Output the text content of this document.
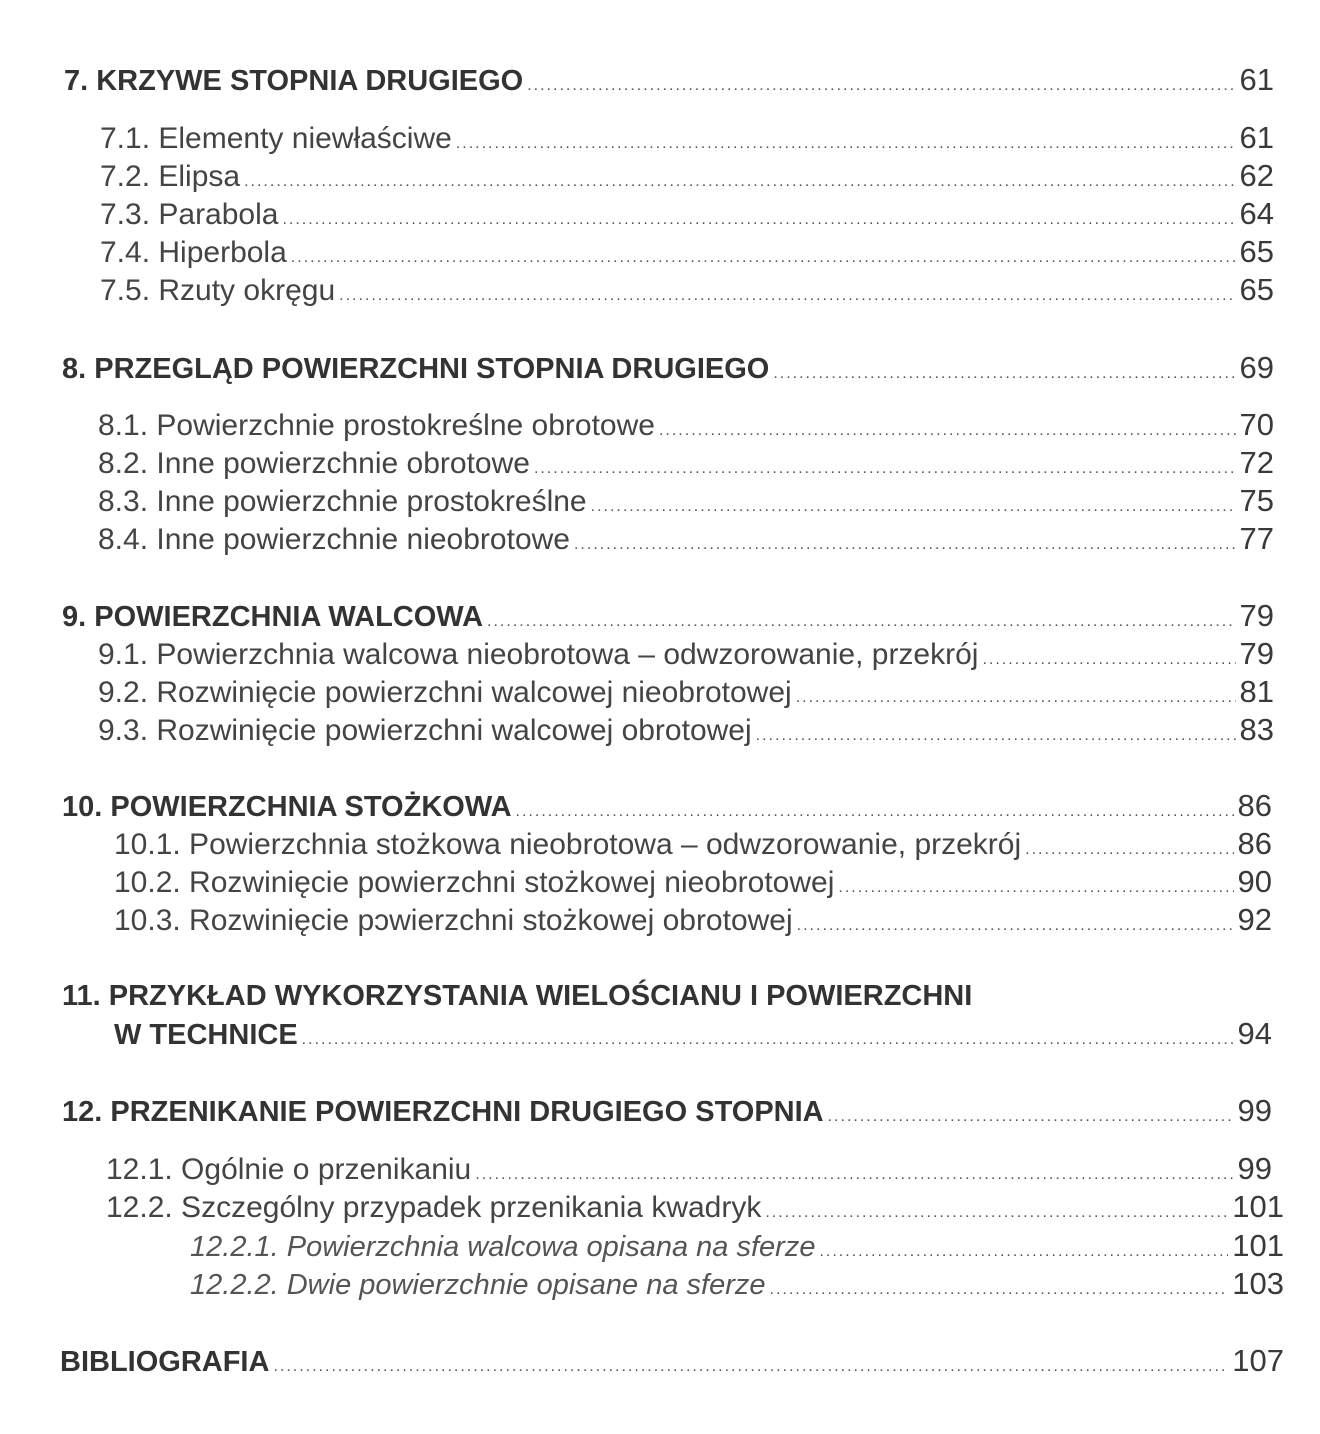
7. KRZYWE STOPNIA DRUGIEGO .....	61
7.1. Elementy niewłaściwe .....	61
7.2. Elipsa .....	62
7.3. Parabola .....	64
7.4. Hiperbola .....	65
7.5. Rzuty okręgu .....	65
8. PRZEGLĄD POWIERZCHNI STOPNIA DRUGIEGO .....	69
8.1. Powierzchnie prostokreślne obrotowe .....	70
8.2. Inne powierzchnie obrotowe .....	72
8.3. Inne powierzchnie prostokreślne .....	75
8.4. Inne powierzchnie nieobrotowe .....	77
9. POWIERZCHNIA WALCOWA .....	79
9.1. Powierzchnia walcowa nieobrotowa – odwzorowanie, przekrój .....	79
9.2. Rozwinięcie powierzchni walcowej nieobrotowej .....	81
9.3. Rozwinięcie powierzchni walcowej obrotowej .....	83
10. POWIERZCHNIA STOŻKOWA .....	86
10.1. Powierzchnia stożkowa nieobrotowa – odwzorowanie, przekrój .....	86
10.2. Rozwinięcie powierzchni stożkowej nieobrotowej .....	90
10.3. Rozwinięcie pɔwierzchni stożkowej obrotowej .....	92
11. PRZYKŁAD WYKORZYSTANIA WIELOŚCIANU I POWIERZCHNI
W TECHNICE .....	94
12. PRZENIKANIE POWIERZCHNI DRUGIEGO STOPNIA .....	99
12.1. Ogólnie o przenikaniu .....	99
12.2. Szczególny przypadek przenikania kwadryk .....	101
12.2.1. Powierzchnia walcowa opisana na sferze .....	101
12.2.2. Dwie powierzchnie opisane na sferze .....	103
BIBLIOGRAFIA .....	107
